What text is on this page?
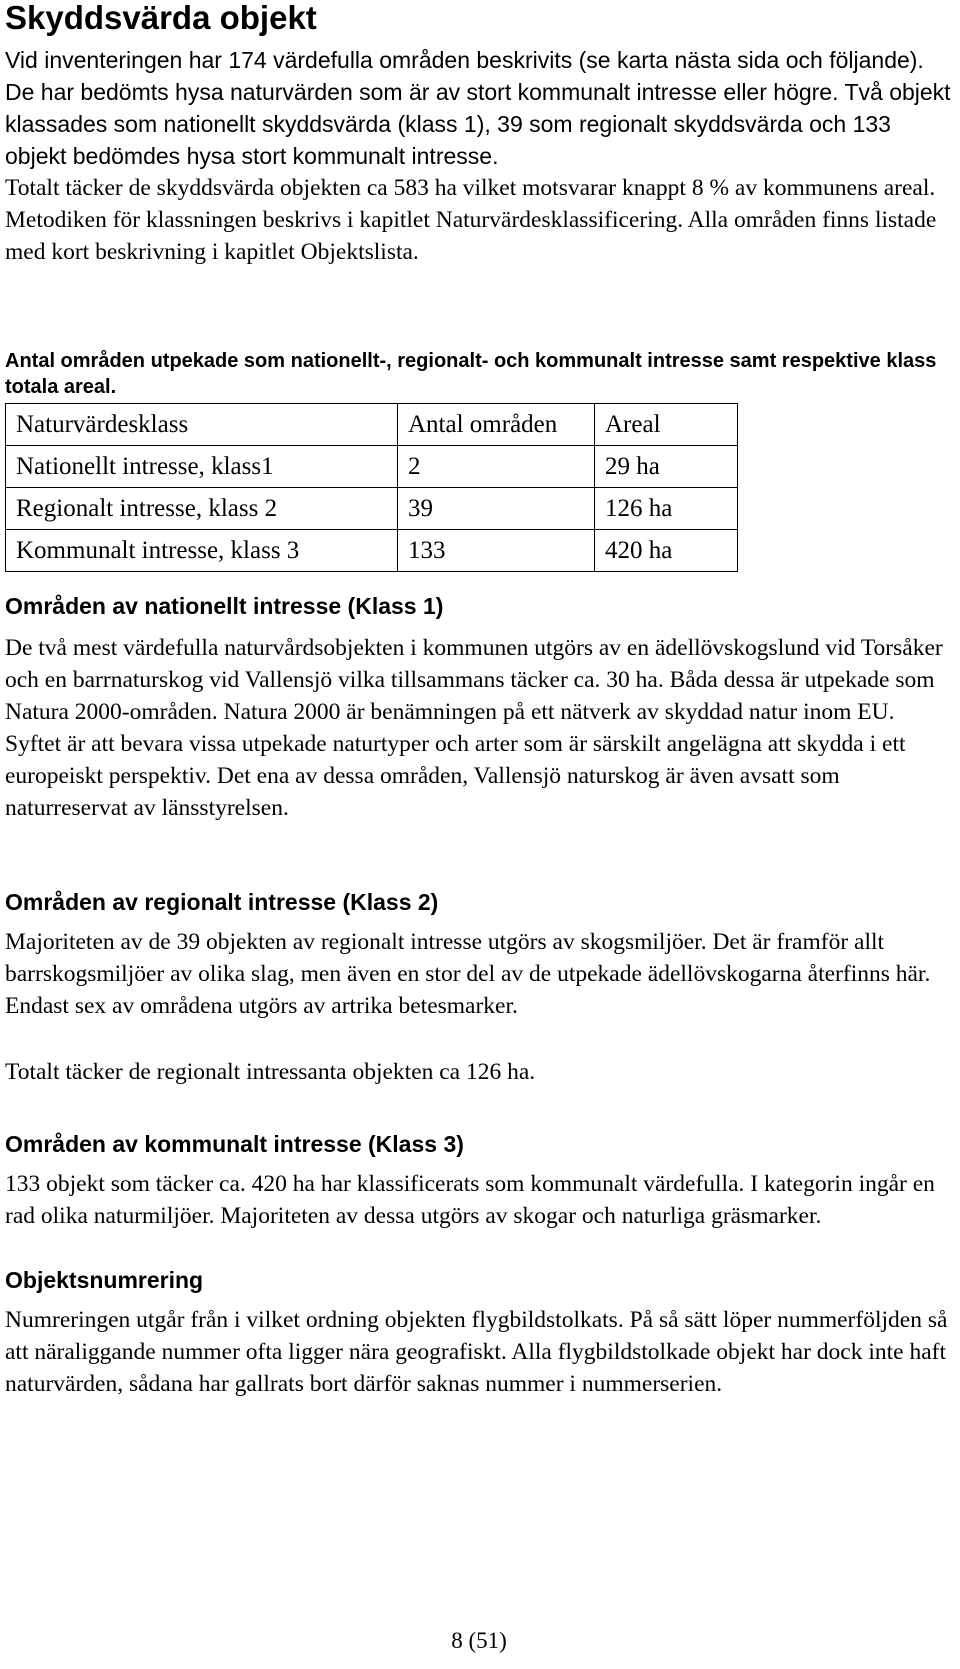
Skyddsvärda objekt

Vid inventeringen har 174 värdefulla områden beskrivits (se karta nästa sida och följande). De har bedömts hysa naturvärden som är av stort kommunalt intresse eller högre. Två objekt klassades som nationellt skyddsvärda (klass 1), 39 som regionalt skyddsvärda och 133 objekt bedömdes hysa stort kommunalt intresse.

Totalt täcker de skyddsvärda objekten ca 583 ha vilket motsvarar knappt 8 % av kommunens areal. Metodiken för klassningen beskrivs i kapitlet Naturvärdesklassificering. Alla områden finns listade med kort beskrivning i kapitlet Objektslista.

Antal områden utpekade som nationellt-, regionalt- och kommunalt intresse samt respektive klass totala areal.

Naturvärdesklass	Antal områden	Areal
Nationellt intresse, klass1	2	29 ha
Regionalt intresse, klass 2	39	126 ha
Kommunalt intresse, klass 3	133	420 ha
Områden av nationellt intresse (Klass 1)

De två mest värdefulla naturvårdsobjekten i kommunen utgörs av en ädellövskogslund vid Torsåker och en barrnaturskog vid Vallensjö vilka tillsammans täcker ca. 30 ha. Båda dessa är utpekade som Natura 2000-områden. Natura 2000 är benämningen på ett nätverk av skyddad natur inom EU. Syftet är att bevara vissa utpekade naturtyper och arter som är särskilt angelägna att skydda i ett europeiskt perspektiv. Det ena av dessa områden, Vallensjö naturskog är även avsatt som naturreservat av länsstyrelsen.

Områden av regionalt intresse (Klass 2)

Majoriteten av de 39 objekten av regionalt intresse utgörs av skogsmiljöer. Det är framför allt barrskogsmiljöer av olika slag, men även en stor del av de utpekade ädellövskogarna återfinns här. Endast sex av områdena utgörs av artrika betesmarker.

Totalt täcker de regionalt intressanta objekten ca 126 ha.

Områden av kommunalt intresse (Klass 3)

133 objekt som täcker ca. 420 ha har klassificerats som kommunalt värdefulla. I kategorin ingår en rad olika naturmiljöer. Majoriteten av dessa utgörs av skogar och naturliga gräsmarker.

Objektsnumrering

Numreringen utgår från i vilket ordning objekten flygbildstolkats. På så sätt löper nummerföljden så att näraliggande nummer ofta ligger nära geografiskt. Alla flygbildstolkade objekt har dock inte haft naturvärden, sådana har gallrats bort därför saknas nummer i nummerserien.

8 (51)
